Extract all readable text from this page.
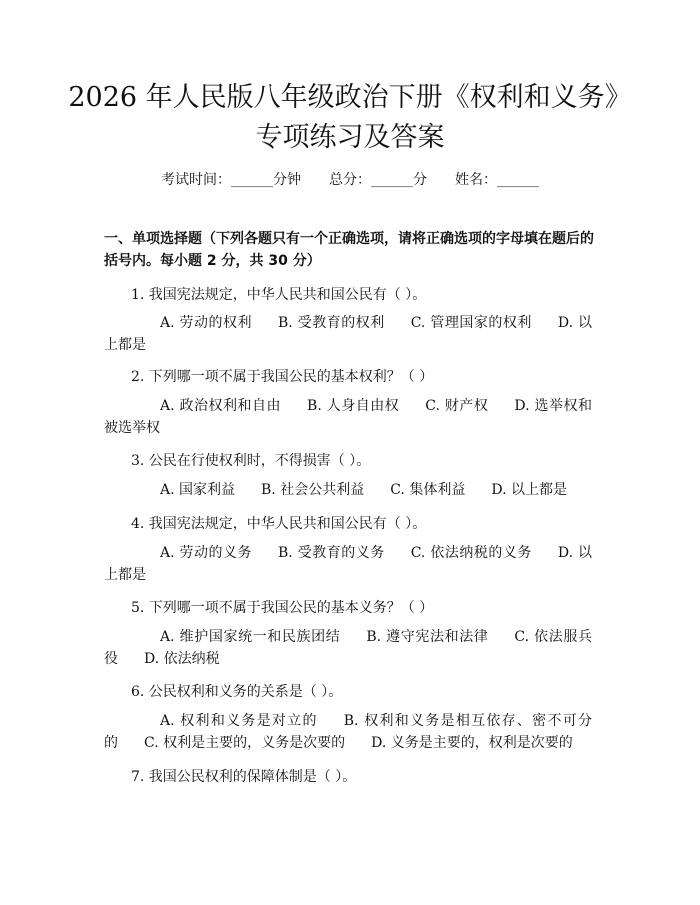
2026 年人民版八年级政治下册《权利和义务》专项练习及答案
考试时间：______分钟 总分：______分 姓名：______
一、单项选择题（下列各题只有一个正确选项，请将正确选项的字母填在题后的括号内。每小题 2 分，共 30 分）
1. 我国宪法规定，中华人民共和国公民有（ ）。
A. 劳动的权利 B. 受教育的权利 C. 管理国家的权利 D. 以上都是
2. 下列哪一项不属于我国公民的基本权利？（ ）
A. 政治权利和自由 B. 人身自由权 C. 财产权 D. 选举权和被选举权
3. 公民在行使权利时，不得损害（ ）。
A. 国家利益 B. 社会公共利益 C. 集体利益 D. 以上都是
4. 我国宪法规定，中华人民共和国公民有（ ）。
A. 劳动的义务 B. 受教育的义务 C. 依法纳税的义务 D. 以上都是
5. 下列哪一项不属于我国公民的基本义务？（ ）
A. 维护国家统一和民族团结 B. 遵守宪法和法律 C. 依法服兵役 D. 依法纳税
6. 公民权利和义务的关系是（ ）。
A. 权利和义务是对立的 B. 权利和义务是相互依存、密不可分的 C. 权利是主要的，义务是次要的 D. 义务是主要的，权利是次要的
7. 我国公民权利的保障体制是（ ）。
